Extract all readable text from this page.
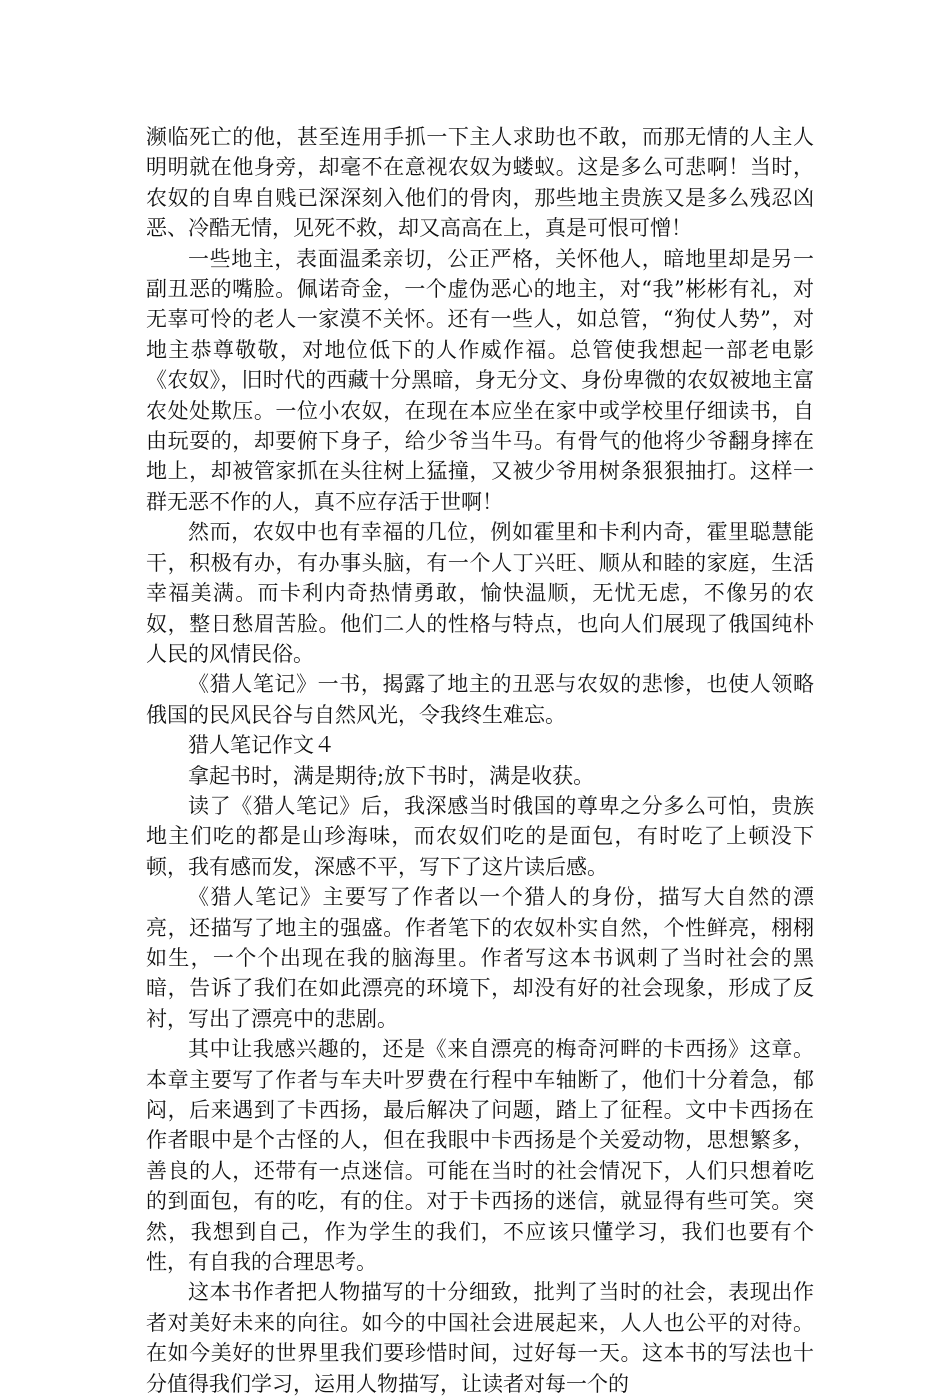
濒临死亡的他，甚至连用手抓一下主人求助也不敢，而那无情的人主人明明就在他身旁，却毫不在意视农奴为蝼蚁。这是多么可悲啊！当时，农奴的自卑自贱已深深刻入他们的骨肉，那些地主贵族又是多么残忍凶恶、冷酷无情，见死不救，却又高高在上，真是可恨可憎！

一些地主，表面温柔亲切，公正严格，关怀他人，暗地里却是另一副丑恶的嘴脸。佩诺奇金，一个虚伪恶心的地主，对“我”彬彬有礼，对无辜可怜的老人一家漠不关怀。还有一些人，如总管，“狗仗人势”，对地主恭尊敬敬，对地位低下的人作威作福。总管使我想起一部老电影《农奴》，旧时代的西藏十分黑暗，身无分文、身份卑微的农奴被地主富农处处欺压。一位小农奴，在现在本应坐在家中或学校里仔细读书，自由玩耍的，却要俯下身子，给少爷当牛马。有骨气的他将少爷翻身摔在地上，却被管家抓在头往树上猛撞，又被少爷用树条狠狠抽打。这样一群无恶不作的人，真不应存活于世啊！

然而，农奴中也有幸福的几位，例如霍里和卡利内奇，霍里聪慧能干，积极有办，有办事头脑，有一个人丁兴旺、顺从和睦的家庭，生活幸福美满。而卡利内奇热情勇敢，愉快温顺，无忧无虑，不像另的农奴，整日愁眉苦脸。他们二人的性格与特点，也向人们展现了俄国纯朴人民的风情民俗。

《猎人笔记》一书，揭露了地主的丑恶与农奴的悲惨，也使人领略俄国的民风民谷与自然风光，令我终生难忘。

猎人笔记作文４

拿起书时，满是期待;放下书时，满是收获。

读了《猎人笔记》后，我深感当时俄国的尊卑之分多么可怕，贵族地主们吃的都是山珍海味，而农奴们吃的是面包，有时吃了上顿没下顿，我有感而发，深感不平，写下了这片读后感。

《猎人笔记》主要写了作者以一个猎人的身份，描写大自然的漂亮，还描写了地主的强盛。作者笔下的农奴朴实自然，个性鲜亮，栩栩如生，一个个出现在我的脑海里。作者写这本书讽刺了当时社会的黑暗，告诉了我们在如此漂亮的环境下，却没有好的社会现象，形成了反衬，写出了漂亮中的悲剧。

其中让我感兴趣的，还是《来自漂亮的梅奇河畔的卡西扬》这章。本章主要写了作者与车夫叶罗费在行程中车轴断了，他们十分着急，郁闷，后来遇到了卡西扬，最后解决了问题，踏上了征程。文中卡西扬在作者眼中是个古怪的人，但在我眼中卡西扬是个关爱动物，思想繁多，善良的人，还带有一点迷信。可能在当时的社会情况下，人们只想着吃的到面包，有的吃，有的住。对于卡西扬的迷信，就显得有些可笑。突然，我想到自己，作为学生的我们，不应该只懂学习，我们也要有个性，有自我的合理思考。

这本书作者把人物描写的十分细致，批判了当时的社会，表现出作者对美好未来的向往。如今的中国社会进展起来，人人也公平的对待。在如今美好的世界里我们要珍惜时间，过好每一天。这本书的写法也十分值得我们学习，运用人物描写，让读者对每一个的
